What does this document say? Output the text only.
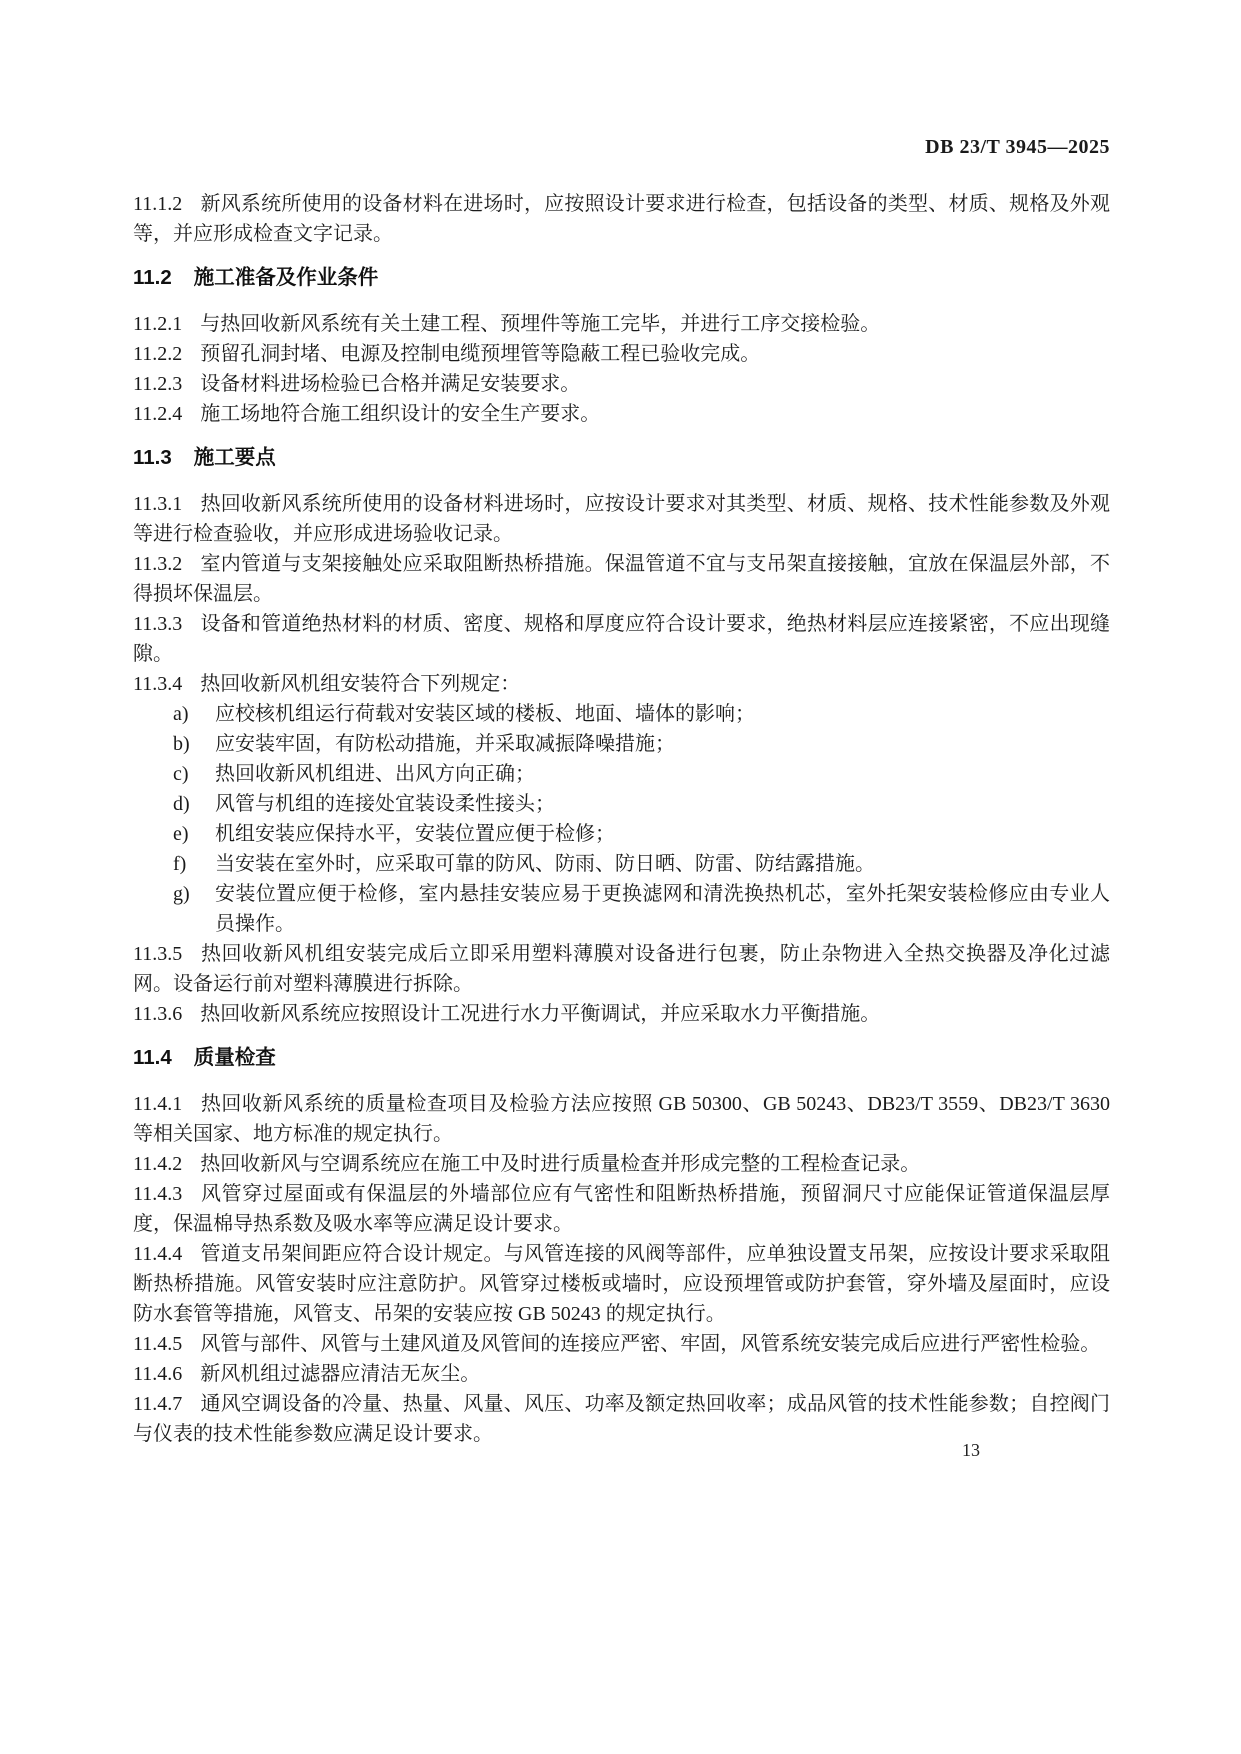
DB 23/T 3945—2025

11.1.2 新风系统所使用的设备材料在进场时，应按照设计要求进行检查，包括设备的类型、材质、规格及外观等，并应形成检查文字记录。

11.2 施工准备及作业条件

11.2.1 与热回收新风系统有关土建工程、预埋件等施工完毕，并进行工序交接检验。

11.2.2 预留孔洞封堵、电源及控制电缆预埋管等隐蔽工程已验收完成。

11.2.3 设备材料进场检验已合格并满足安装要求。

11.2.4 施工场地符合施工组织设计的安全生产要求。

11.3 施工要点

11.3.1 热回收新风系统所使用的设备材料进场时，应按设计要求对其类型、材质、规格、技术性能参数及外观等进行检查验收，并应形成进场验收记录。

11.3.2 室内管道与支架接触处应采取阻断热桥措施。保温管道不宜与支吊架直接接触，宜放在保温层外部，不得损坏保温层。

11.3.3 设备和管道绝热材料的材质、密度、规格和厚度应符合设计要求，绝热材料层应连接紧密，不应出现缝隙。

11.3.4 热回收新风机组安装符合下列规定：

a)	应校核机组运行荷载对安装区域的楼板、地面、墙体的影响；

b)	应安装牢固，有防松动措施，并采取减振降噪措施；

c)	热回收新风机组进、出风方向正确；

d)	风管与机组的连接处宜装设柔性接头；

e)	机组安装应保持水平，安装位置应便于检修；

f)	当安装在室外时，应采取可靠的防风、防雨、防日晒、防雷、防结露措施。

g)	安装位置应便于检修，室内悬挂安装应易于更换滤网和清洗换热机芯，室外托架安装检修应由专业人员操作。

11.3.5 热回收新风机组安装完成后立即采用塑料薄膜对设备进行包裹，防止杂物进入全热交换器及净化过滤网。设备运行前对塑料薄膜进行拆除。

11.3.6 热回收新风系统应按照设计工况进行水力平衡调试，并应采取水力平衡措施。

11.4 质量检查

11.4.1 热回收新风系统的质量检查项目及检验方法应按照 GB 50300、GB 50243、DB23/T 3559、DB23/T 3630 等相关国家、地方标准的规定执行。

11.4.2 热回收新风与空调系统应在施工中及时进行质量检查并形成完整的工程检查记录。

11.4.3 风管穿过屋面或有保温层的外墙部位应有气密性和阻断热桥措施，预留洞尺寸应能保证管道保温层厚度，保温棉导热系数及吸水率等应满足设计要求。

11.4.4 管道支吊架间距应符合设计规定。与风管连接的风阀等部件，应单独设置支吊架，应按设计要求采取阻断热桥措施。风管安装时应注意防护。风管穿过楼板或墙时，应设预埋管或防护套管，穿外墙及屋面时，应设防水套管等措施，风管支、吊架的安装应按 GB 50243 的规定执行。

11.4.5 风管与部件、风管与土建风道及风管间的连接应严密、牢固，风管系统安装完成后应进行严密性检验。

11.4.6 新风机组过滤器应清洁无灰尘。

11.4.7 通风空调设备的冷量、热量、风量、风压、功率及额定热回收率；成品风管的技术性能参数；自控阀门与仪表的技术性能参数应满足设计要求。

13
